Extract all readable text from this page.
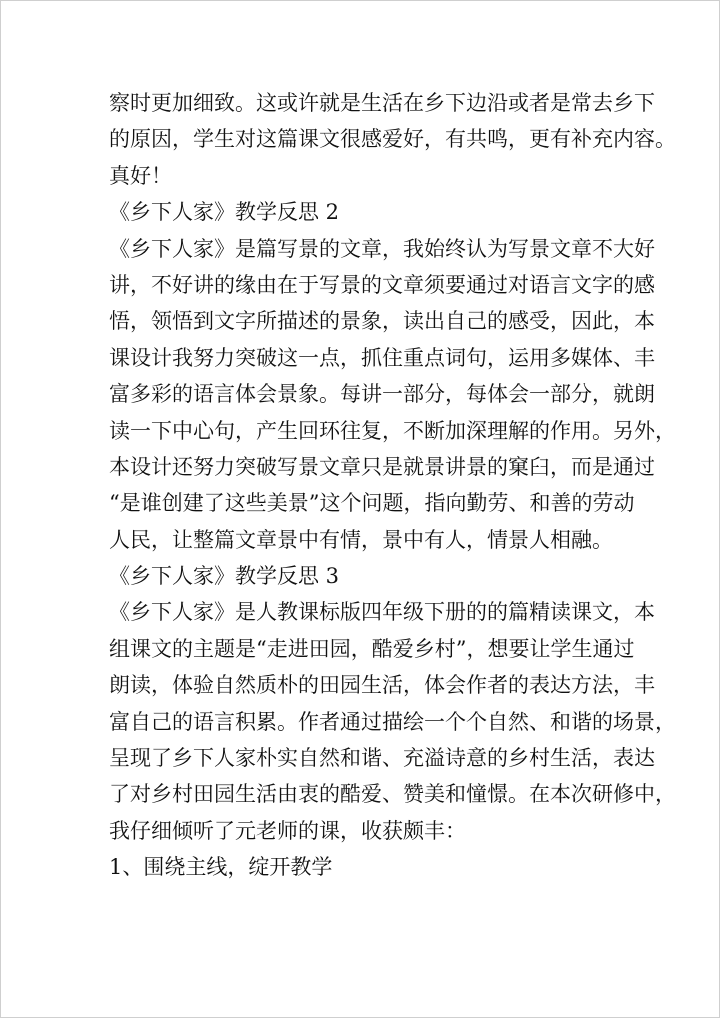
察时更加细致。这或许就是生活在乡下边沿或者是常去乡下
的原因，学生对这篇课文很感爱好，有共鸣，更有补充内容。
真好！
《乡下人家》教学反思 2
《乡下人家》是篇写景的文章，我始终认为写景文章不大好
讲，不好讲的缘由在于写景的文章须要通过对语言文字的感
悟，领悟到文字所描述的景象，读出自己的感受，因此，本
课设计我努力突破这一点，抓住重点词句，运用多媒体、丰
富多彩的语言体会景象。每讲一部分，每体会一部分，就朗
读一下中心句，产生回环往复，不断加深理解的作用。另外，
本设计还努力突破写景文章只是就景讲景的窠臼，而是通过
“是谁创建了这些美景”这个问题，指向勤劳、和善的劳动
人民，让整篇文章景中有情，景中有人，情景人相融。
《乡下人家》教学反思 3
《乡下人家》是人教课标版四年级下册的的篇精读课文，本
组课文的主题是“走进田园，酷爱乡村”，想要让学生通过
朗读，体验自然质朴的田园生活，体会作者的表达方法，丰
富自己的语言积累。作者通过描绘一个个自然、和谐的场景，
呈现了乡下人家朴实自然和谐、充溢诗意的乡村生活，表达
了对乡村田园生活由衷的酷爱、赞美和憧憬。在本次研修中，
我仔细倾听了元老师的课，收获颇丰：
1、围绕主线，绽开教学
